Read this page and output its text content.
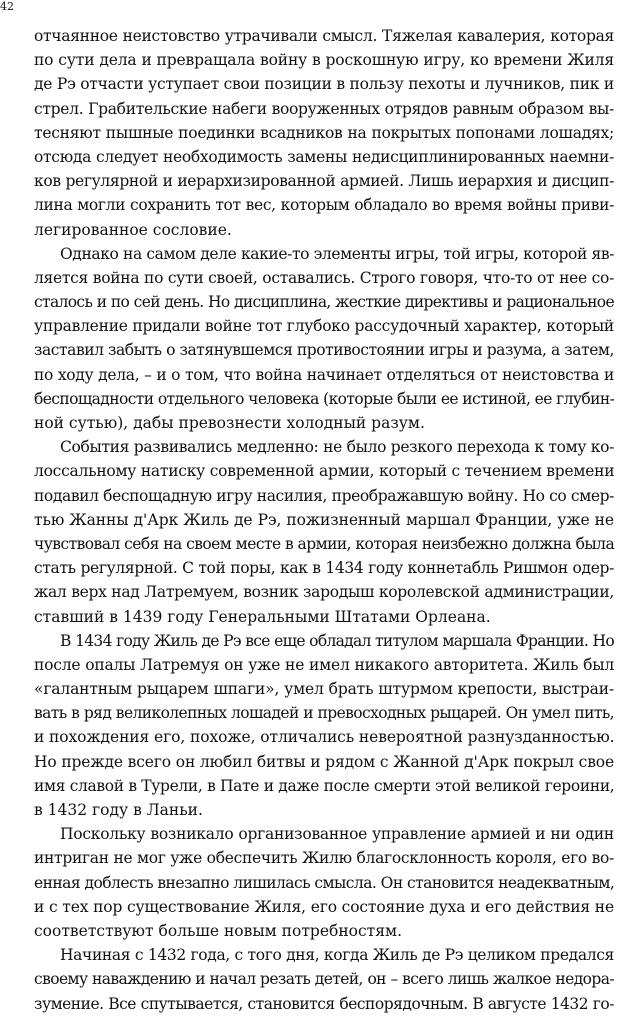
42
отчаянное неистовство утрачивали смысл. Тяжелая кавалерия, которая
по сути дела и превращала войну в роскошную игру, ко времени Жиля
де Рэ отчасти уступает свои позиции в пользу пехоты и лучников, пик и
стрел. Грабительские набеги вооруженных отрядов равным образом вы-
тесняют пышные поединки всадников на покрытых попонами лошадях;
отсюда следует необходимость замены недисциплинированных наемни-
ков регулярной и иерархизированной армией. Лишь иерархия и дисцип-
лина могли сохранить тот вес, которым обладало во время войны приви-
легированное сословие.
Однако на самом деле какие-то элементы игры, той игры, которой яв-
ляется война по сути своей, оставались. Строго говоря, что-то от нее со-
сталось и по сей день. Но дисциплина, жесткие директивы и рациональное
управление придали войне тот глубоко рассудочный характер, который
заставил забыть о затянувшемся противостоянии игры и разума, а затем,
по ходу дела, – и о том, что война начинает отделяться от неистовства и
беспощадности отдельного человека (которые были ее истиной, ее глубин-
ной сутью), дабы превознести холодный разум.
События развивались медленно: не было резкого перехода к тому ко-
лоссальному натиску современной армии, который с течением времени
подавил беспощадную игру насилия, преображавшую войну. Но со смер-
тью Жанны д'Арк Жиль де Рэ, пожизненный маршал Франции, уже не
чувствовал себя на своем месте в армии, которая неизбежно должна была
стать регулярной. С той поры, как в 1434 году коннетабль Ришмон одер-
жал верх над Латремуем, возник зародыш королевской администрации,
ставший в 1439 году Генеральными Штатами Орлеана.
В 1434 году Жиль де Рэ все еще обладал титулом маршала Франции. Но
после опалы Латремуя он уже не имел никакого авторитета. Жиль был
«галантным рыцарем шпаги», умел брать штурмом крепости, выстраи-
вать в ряд великолепных лошадей и превосходных рыцарей. Он умел пить,
и похождения его, похоже, отличались невероятной разнузданностью.
Но прежде всего он любил битвы и рядом с Жанной д'Арк покрыл свое
имя славой в Турели, в Пате и даже после смерти этой великой героини,
в 1432 году в Ланьи.
Поскольку возникало организованное управление армией и ни один
интриган не мог уже обеспечить Жилю благосклонность короля, его во-
енная доблесть внезапно лишилась смысла. Он становится неадекватным,
и с тех пор существование Жиля, его состояние духа и его действия не
соответствуют больше новым потребностям.
Начиная с 1432 года, с того дня, когда Жиль де Рэ целиком предался
своему наваждению и начал резать детей, он – всего лишь жалкое недора-
зумение. Все спутывается, становится беспорядочным. В августе 1432 го-
